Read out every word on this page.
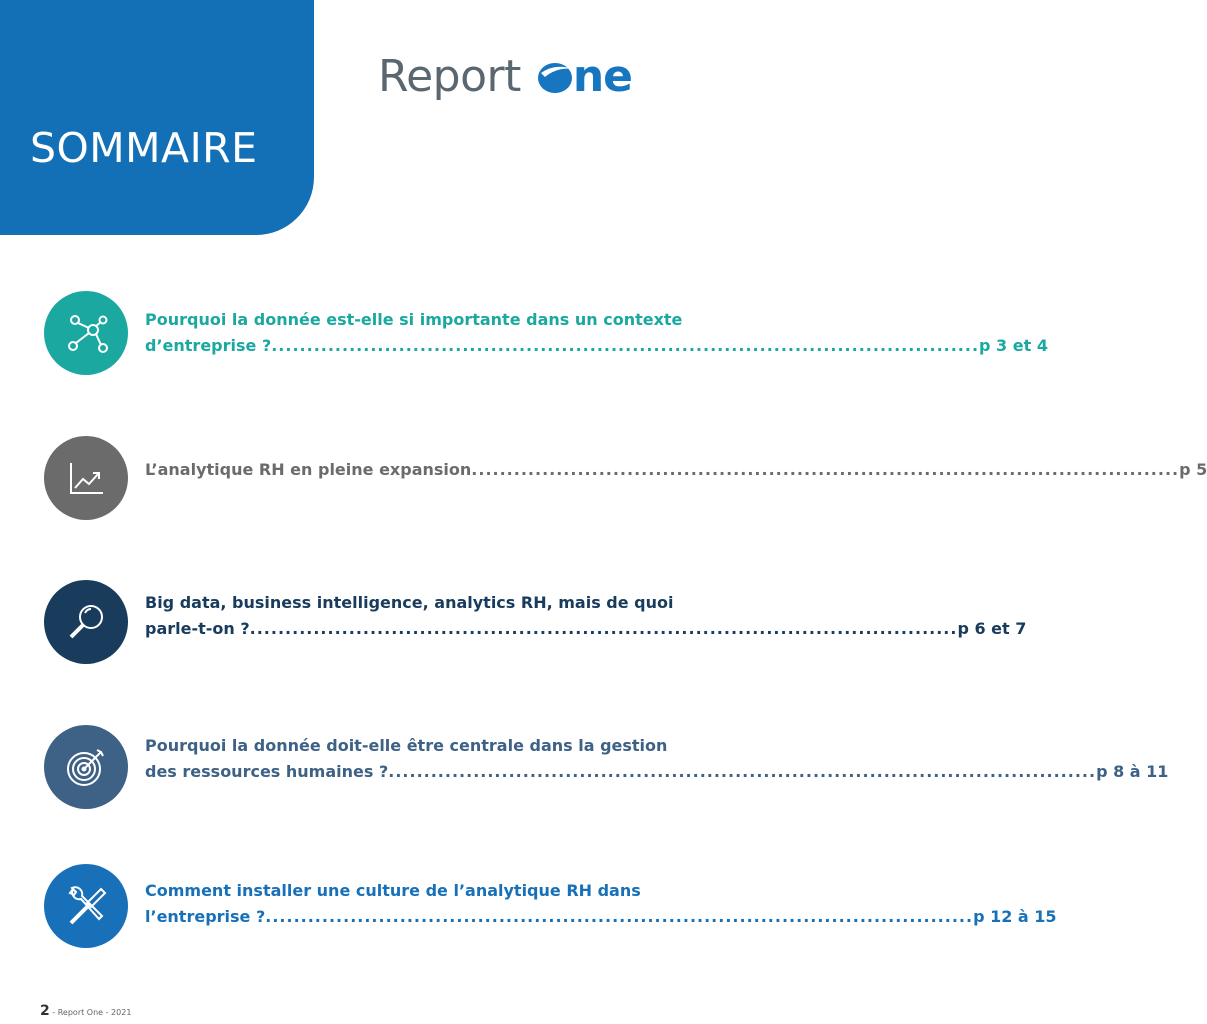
SOMMAIRE
Report ne
Pourquoi la donnée est-elle si importante dans un contexte
d’entreprise ? .................................................................................................... p 3 et 4
L’analytique RH en pleine expansion .................................................................................................... p 5
Big data, business intelligence, analytics RH, mais de quoi
parle-t-on ? .................................................................................................... p 6 et 7
Pourquoi la donnée doit-elle être centrale dans la gestion
des ressources humaines ? .................................................................................................... p 8 à 11
Comment installer une culture de l’analytique RH dans
l’entreprise ? .................................................................................................... p 12 à 15
2 - Report One - 2021
